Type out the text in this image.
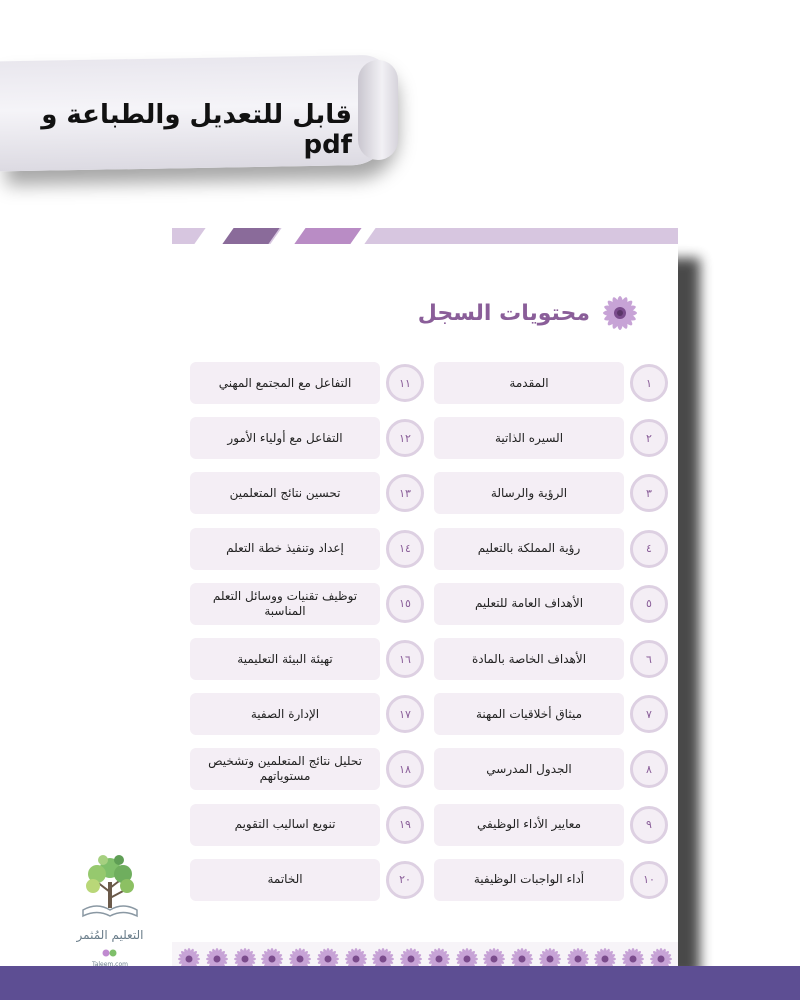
قابل للتعديل والطباعة و pdf
محتويات السجل
المقدمة	١
السيره الذاتية	٢
الرؤية والرسالة	٣
رؤية المملكة بالتعليم	٤
الأهداف العامة للتعليم	٥
الأهداف الخاصة بالمادة	٦
ميثاق أخلاقيات المهنة	٧
الجدول المدرسي	٨
معايير الأداء الوظيفي	٩
أداء الواجبات الوظيفية	١٠
التفاعل مع المجتمع المهني	١١
التفاعل مع أولياء الأمور	١٢
تحسين نتائج المتعلمين	١٣
إعداد وتنفيذ خطة التعلم	١٤
توظيف تقنيات ووسائل التعلم المناسبة	١٥
تهيئة البيئة التعليمية	١٦
الإدارة الصفية	١٧
تحليل نتائج المتعلمين وتشخيص مستوياتهم	١٨
تنويع اساليب التقويم	١٩
الخاتمة	٢٠
التعليم المُثمر
Taleem.com
